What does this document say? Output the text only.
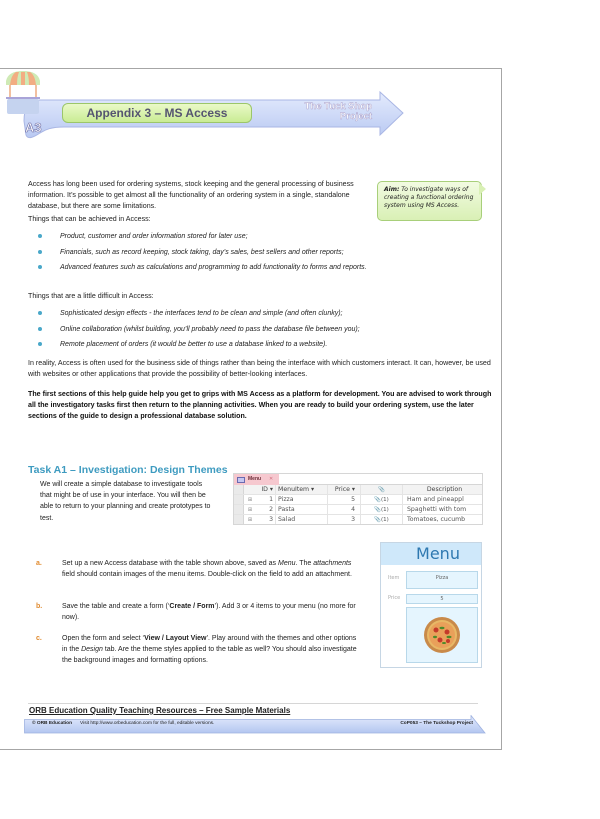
Appendix 3 – MS Access
A3
The Tuck Shop
Project
Access has long been used for ordering systems, stock keeping and the general processing of business information. It’s possible to get almost all the functionality of an ordering system in a single, standalone database, but there are some limitations.
Aim: To investigate ways of creating a functional ordering system using MS Access.
Things that can be achieved in Access:
Product, customer and order information stored for later use;
Financials, such as record keeping, stock taking, day’s sales, best sellers and other reports;
Advanced features such as calculations and programming to add functionality to forms and reports.
Things that are a little difficult in Access:
Sophisticated design effects - the interfaces tend to be clean and simple (and often clunky);
Online collaboration (whilst building, you’ll probably need to pass the database file between you);
Remote placement of orders (it would be better to use a database linked to a website).
In reality, Access is often used for the business side of things rather than being the interface with which customers interact. It can, however, be used with websites or other applications that provide the possibility of better-looking interfaces.
The first sections of this help guide help you get to grips with MS Access as a platform for development. You are advised to work through all the investigatory tasks first then return to the planning activities. When you are ready to build your ordering system, use the later sections of the guide to design a professional database solution.
Task A1 – Investigation: Design Themes
We will create a simple database to investigate tools that might be of use in your interface. You will then be able to return to your planning and create prototypes to test.
Menu ✕
ID ▾ MenuItem ▾	Price ▾	📎	Description
⊞	1 Pizza	5	📎(1)	Ham and pineappl
⊞	2 Pasta	4	📎(1)	Spaghetti with tom
⊞	3 Salad	3	📎(1)	Tomatoes, cucumb
a.	Set up a new Access database with the table shown above, saved as Menu. The attachments field should contain images of the menu items. Double-click on the field to add an attachment.
b.	Save the table and create a form (‘Create / Form’). Add 3 or 4 items to your menu (no more for now).
c.	Open the form and select ‘View / Layout View’. Play around with the themes and other options in the Design tab. Are the theme styles applied to the table as well? You should also investigate the background images and formatting options.
Menu
Item	Pizza
Price	5
ORB Education Quality Teaching Resources – Free Sample Materials
© ORB Education Visit http://www.orbeducation.com for the full, editable versions.	CoP053 – The Tuckshop Project
